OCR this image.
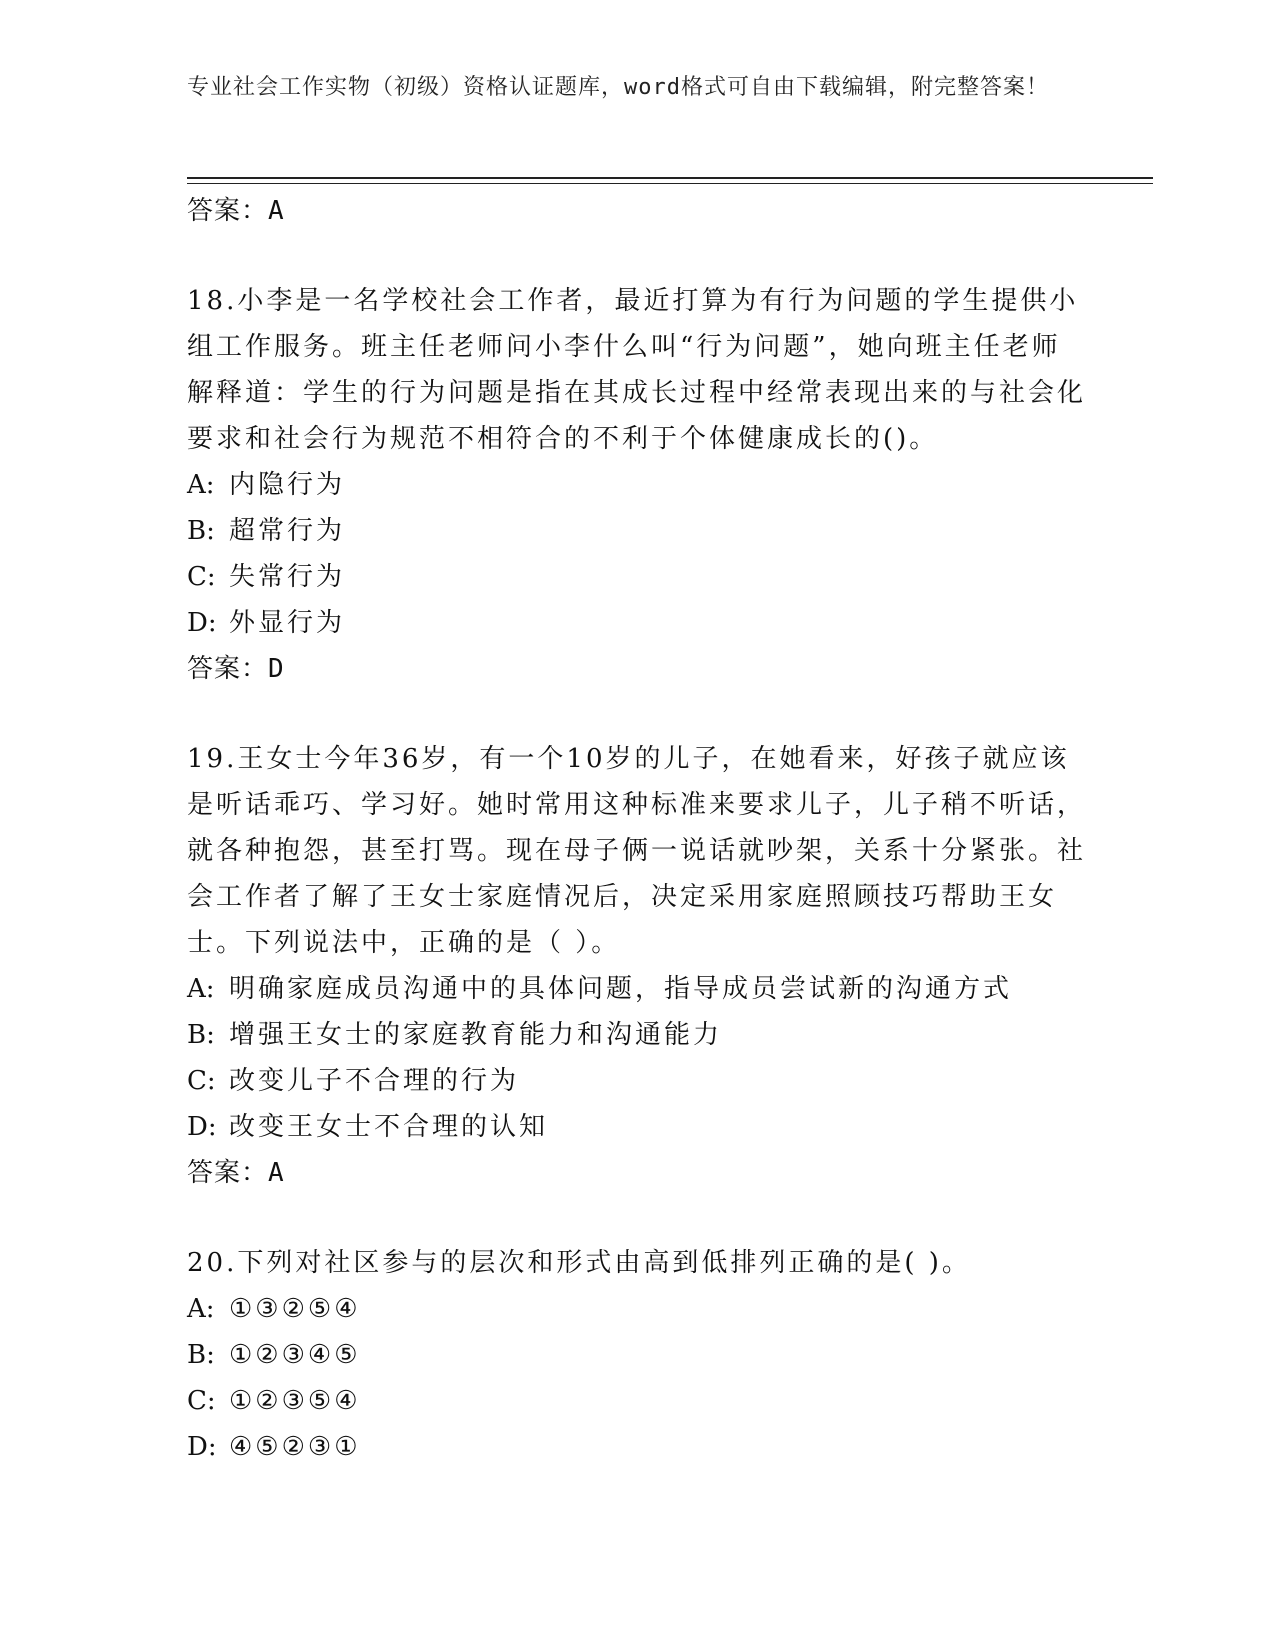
专业社会工作实物（初级）资格认证题库，word格式可自由下载编辑，附完整答案！
答案：A
18.小李是一名学校社会工作者，最近打算为有行为问题的学生提供小组工作服务。班主任老师问小李什么叫“行为问题”，她向班主任老师解释道：学生的行为问题是指在其成长过程中经常表现出来的与社会化要求和社会行为规范不相符合的不利于个体健康成长的()。
A: 内隐行为
B: 超常行为
C: 失常行为
D: 外显行为
答案：D
19.王女士今年36岁，有一个10岁的儿子，在她看来，好孩子就应该是听话乖巧、学习好。她时常用这种标准来要求儿子，儿子稍不听话，就各种抱怨，甚至打骂。现在母子俩一说话就吵架，关系十分紧张。社会工作者了解了王女士家庭情况后，决定采用家庭照顾技巧帮助王女士。下列说法中，正确的是（ ）。
A: 明确家庭成员沟通中的具体问题，指导成员尝试新的沟通方式
B: 增强王女士的家庭教育能力和沟通能力
C: 改变儿子不合理的行为
D: 改变王女士不合理的认知
答案：A
20.下列对社区参与的层次和形式由高到低排列正确的是( )。
A: ①③②⑤④
B: ①②③④⑤
C: ①②③⑤④
D: ④⑤②③①
